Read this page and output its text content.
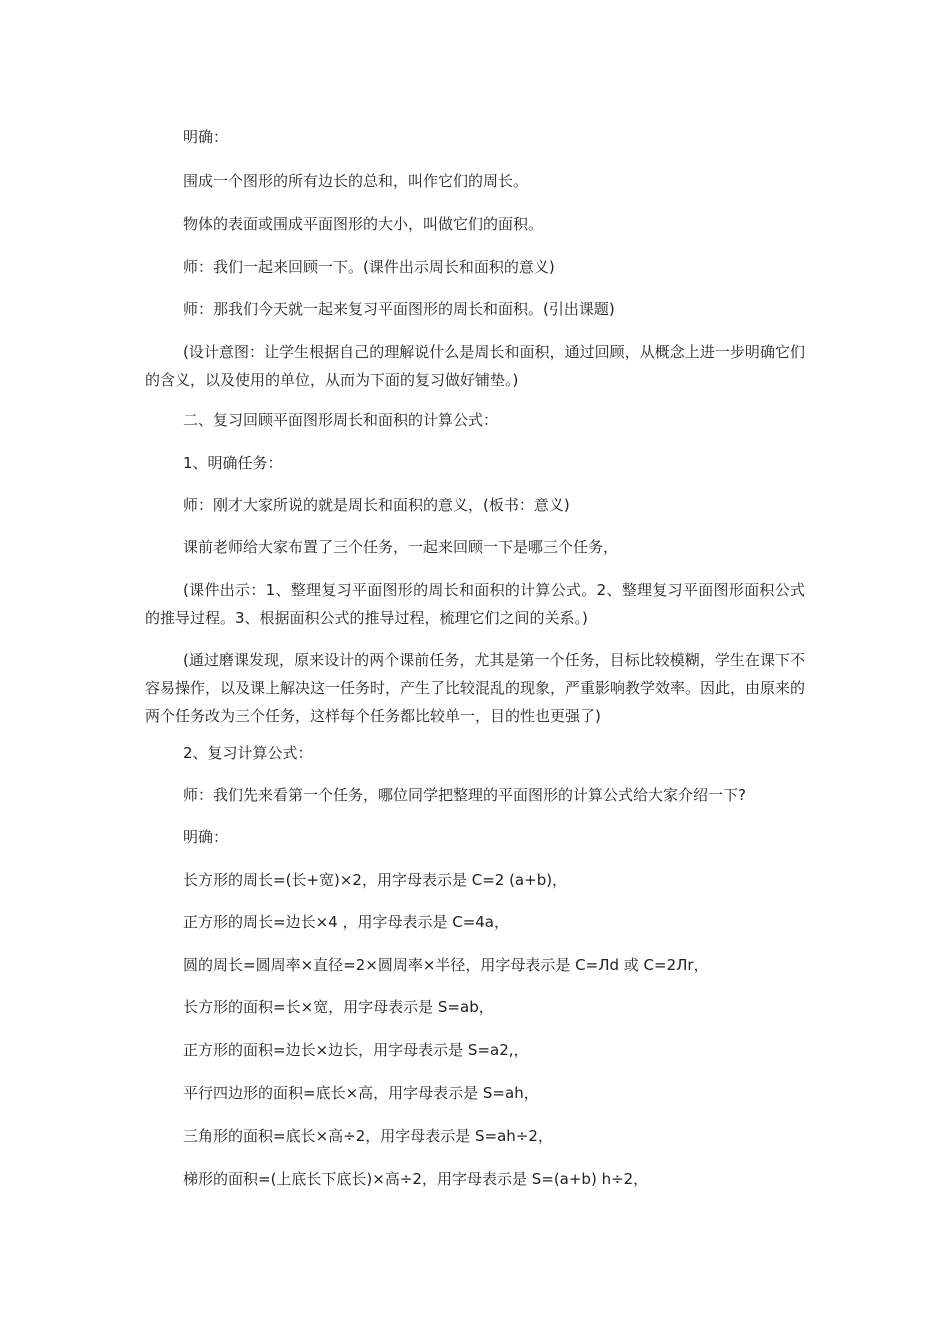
明确：

围成一个图形的所有边长的总和，叫作它们的周长。

物体的表面或围成平面图形的大小，叫做它们的面积。

师：我们一起来回顾一下。(课件出示周长和面积的意义)

师：那我们今天就一起来复习平面图形的周长和面积。(引出课题)

(设计意图：让学生根据自己的理解说什么是周长和面积，通过回顾，从概念上进一步明确它们的含义，以及使用的单位，从而为下面的复习做好铺垫。)

二、复习回顾平面图形周长和面积的计算公式：

1、明确任务：

师：刚才大家所说的就是周长和面积的意义，(板书：意义)

课前老师给大家布置了三个任务，一起来回顾一下是哪三个任务，

(课件出示：1、整理复习平面图形的周长和面积的计算公式。2、整理复习平面图形面积公式的推导过程。3、根据面积公式的推导过程，梳理它们之间的关系。)

(通过磨课发现，原来设计的两个课前任务，尤其是第一个任务，目标比较模糊，学生在课下不容易操作，以及课上解决这一任务时，产生了比较混乱的现象，严重影响教学效率。因此，由原来的两个任务改为三个任务，这样每个任务都比较单一，目的性也更强了)

2、复习计算公式：

师：我们先来看第一个任务，哪位同学把整理的平面图形的计算公式给大家介绍一下?

明确：

长方形的周长=(长+宽)×2，用字母表示是 C=2 (a+b)，

正方形的周长=边长×4 ，用字母表示是 C=4a，

圆的周长=圆周率×直径=2×圆周率×半径，用字母表示是 C=Лd 或 C=2Лr，

长方形的面积=长×宽，用字母表示是 S=ab，

正方形的面积=边长×边长，用字母表示是 S=a2,，

平行四边形的面积=底长×高，用字母表示是 S=ah，

三角形的面积=底长×高÷2，用字母表示是 S=ah÷2，

梯形的面积=(上底长下底长)×高÷2，用字母表示是 S=(a+b) h÷2，
